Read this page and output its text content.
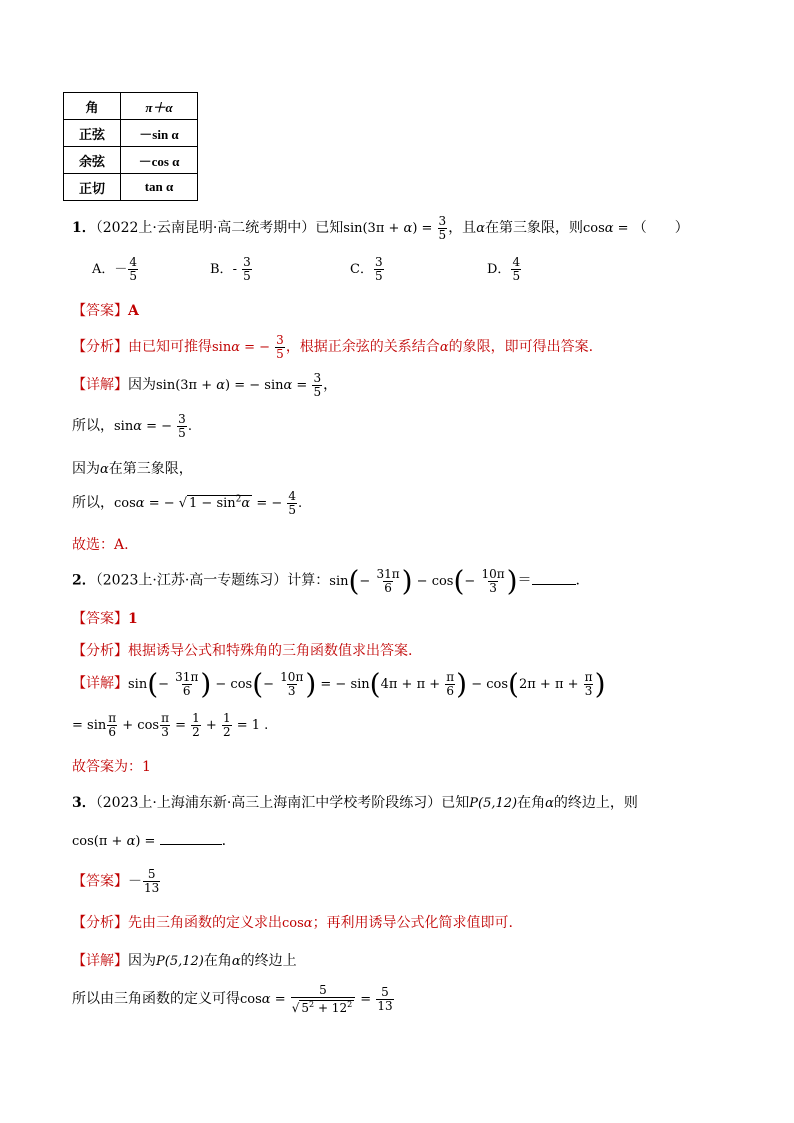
角	π＋α
正弦	－sin α
余弦	－cos α
正切	tan α
1．（2022上·云南昆明·高二统考期中）已知$\sin(3\pi + \alpha) = \frac{3}{5}$ ，且α在第三象限，则cosα = （　　）
A．－ $\frac{4}{5}$	B．- $\frac{3}{5}$	C． $\frac{3}{5}$	D． $\frac{4}{5}$
【答案】A
【分析】由已知可推得sinα = − $\frac{3}{5}$ ，根据正余弦的关系结合α的象限，即可得出答案.
【详解】因为sin(3π + α) = − $\sin\alpha = \frac{3}{5}$ ，
所以，sinα = − $\frac{3}{5}$ .
因为α在第三象限，
所以，cosα = − √ $1 - \sin^2\alpha$ = − $\frac{4}{5}$ .
故选：A.
2．（2023上·江苏·高一专题练习）计算：$\sin(- \frac{31\pi}{6}$ ) − $\cos(- \frac{10\pi}{3}$ )＝	.
【答案】1
【分析】根据诱导公式和特殊角的三角函数值求出答案.
【详解】$\sin(- \frac{31\pi}{6}$ ) − $\cos(- \frac{10\pi}{3}$ ) = − $\sin(4\pi + \pi + \frac{\pi}{6}$ ) − $\cos(2\pi + \pi + \frac{\pi}{3}$ )
= $\sin \frac{\pi}{6} + \cos \frac{\pi}{3} = \frac{1}{2} + \frac{1}{2} = 1$ .
故答案为：1
3．（2023上·上海浦东新·高三上海南汇中学校考阶段练习）已知P(5,12)在角α的终边上，则
cos(π + α) =	.
【答案】－ $\frac{5}{13}$
【分析】先由三角函数的定义求出cosα；再利用诱导公式化简求值即可.
【详解】因为P(5,12)在角α的终边上
所以由三角函数的定义可得$\cos\alpha = \frac{5}{√ 5^2 + 12^2} = \frac{5}{13}$
